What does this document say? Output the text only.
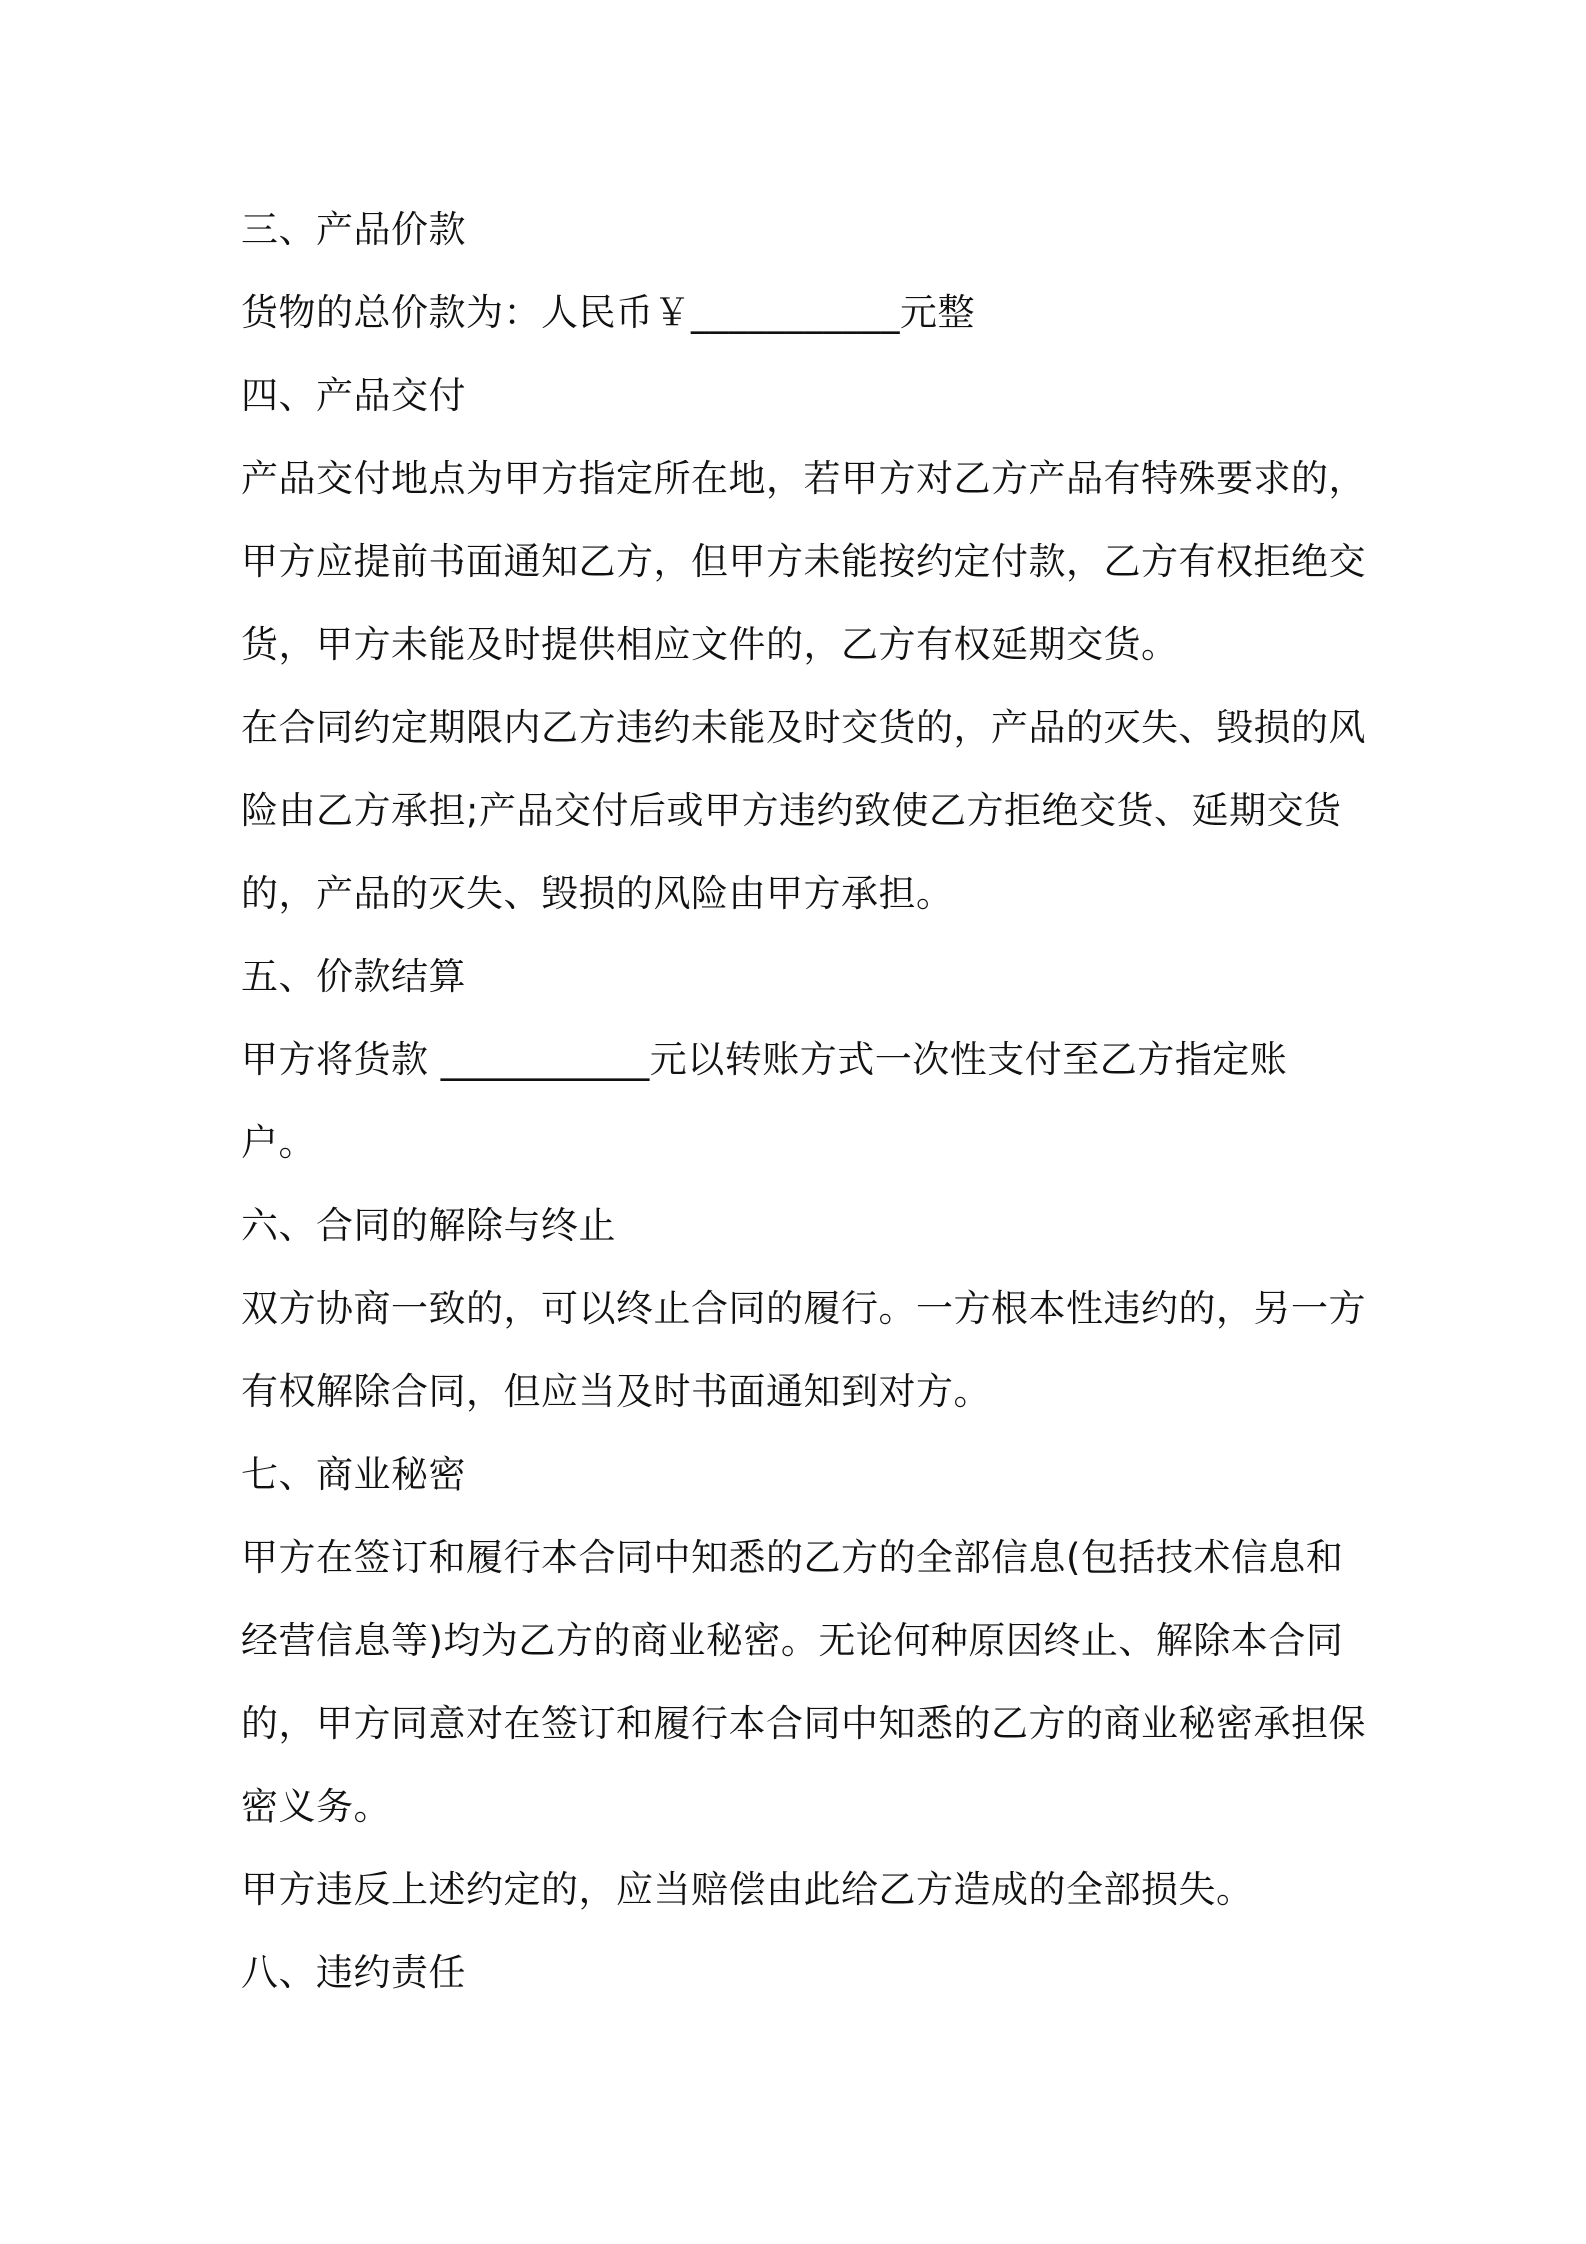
三、产品价款
货物的总价款为：人民币￥___________元整
四、产品交付
产品交付地点为甲方指定所在地，若甲方对乙方产品有特殊要求的，
甲方应提前书面通知乙方，但甲方未能按约定付款，乙方有权拒绝交
货，甲方未能及时提供相应文件的，乙方有权延期交货。
在合同约定期限内乙方违约未能及时交货的，产品的灭失、毁损的风
险由乙方承担;产品交付后或甲方违约致使乙方拒绝交货、延期交货
的，产品的灭失、毁损的风险由甲方承担。
五、价款结算
甲方将货款 ___________元以转账方式一次性支付至乙方指定账
户。
六、合同的解除与终止
双方协商一致的，可以终止合同的履行。一方根本性违约的，另一方
有权解除合同，但应当及时书面通知到对方。
七、商业秘密
甲方在签订和履行本合同中知悉的乙方的全部信息(包括技术信息和
经营信息等)均为乙方的商业秘密。无论何种原因终止、解除本合同
的，甲方同意对在签订和履行本合同中知悉的乙方的商业秘密承担保
密义务。
甲方违反上述约定的，应当赔偿由此给乙方造成的全部损失。
八、违约责任
